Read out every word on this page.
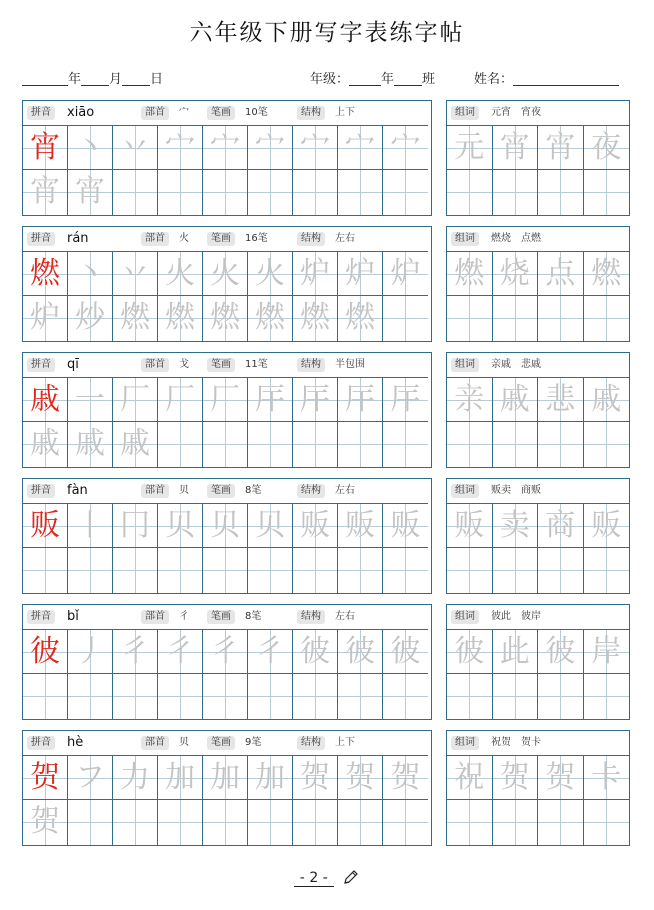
六年级下册写字表练字帖
年 月 日	年级： 年 班	姓名：
拼音	xiāo	部首	宀	笔画	10笔	结构	上下
宵 丶 丷 宀 宀 宀 宀 宀 宀
宵 宵
组词	元宵　宵夜
元 宵 宵 夜
拼音	rán	部首	火	笔画	16笔	结构	左右
燃 丶 丷 火 火 火 炉 炉 炉
炉 炒 燃 燃 燃 燃 燃 燃
组词	燃烧　点燃
燃 烧 点 燃
拼音	qī	部首	戈	笔画	11笔	结构	半包围
戚 一 厂 厂 厂 厈 厈 厈 厈
戚 戚 戚
组词	亲戚　悲戚
亲 戚 悲 戚
拼音	fàn	部首	贝	笔画	8笔	结构	左右
贩 丨 冂 贝 贝 贝 贩 贩 贩
组词	贩卖　商贩
贩 卖 商 贩
拼音	bǐ	部首	彳	笔画	8笔	结构	左右
彼 丿 彳 彳 彳 彳 彼 彼 彼
组词	彼此　彼岸
彼 此 彼 岸
拼音	hè	部首	贝	笔画	9笔	结构	上下
贺 フ 力 加 加 加 贺 贺 贺
贺
组词	祝贺　贺卡
祝 贺 贺 卡
- 2 -
